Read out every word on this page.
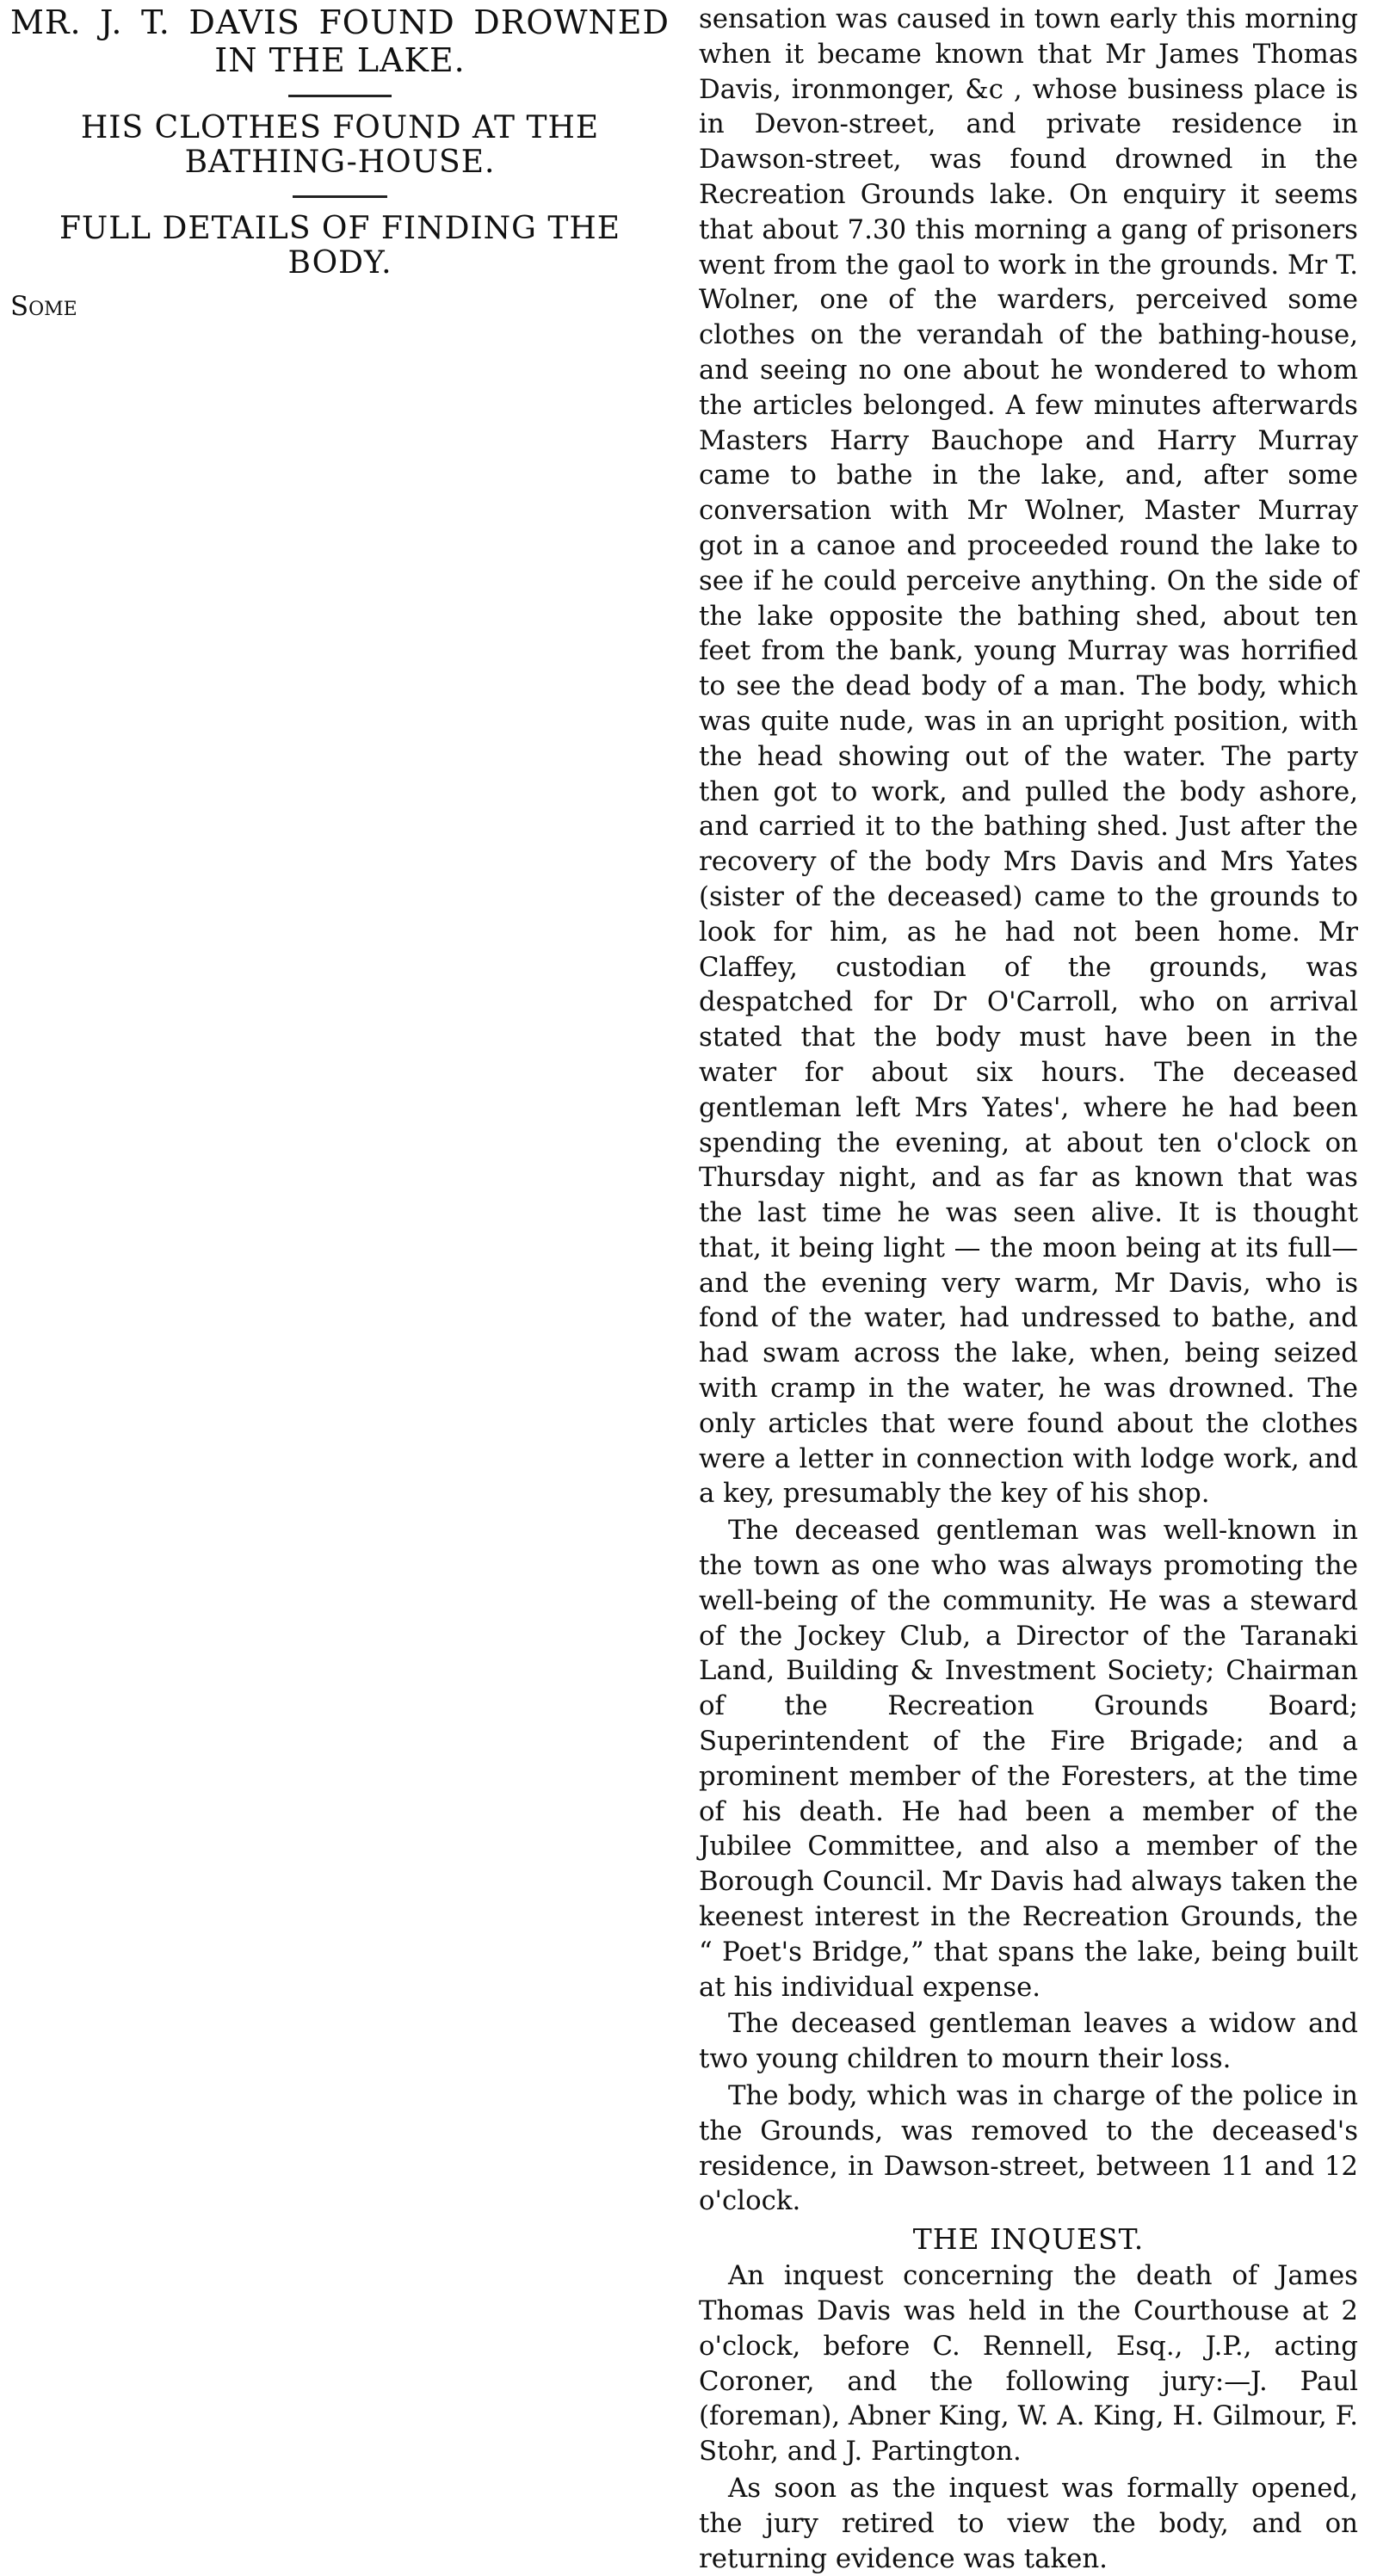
MR. J. T. DAVIS FOUND DROWNED IN THE LAKE.
HIS CLOTHES FOUND AT THE BATHING-HOUSE.
FULL DETAILS OF FINDING THE BODY.

Some

sensation was caused in town early this morning when it became known that Mr James Thomas Davis, ironmonger, &c , whose business place is in Devon-street, and private residence in Dawson-street, was found drowned in the Recreation Grounds lake. On enquiry it seems that about 7.30 this morning a gang of prisoners went from the gaol to work in the grounds. Mr T. Wolner, one of the warders, perceived some clothes on the verandah of the bathing-house, and seeing no one about he wondered to whom the articles belonged. A few minutes afterwards Masters Harry Bauchope and Harry Murray came to bathe in the lake, and, after some conversation with Mr Wolner, Master Murray got in a canoe and proceeded round the lake to see if he could perceive anything. On the side of the lake opposite the bathing shed, about ten feet from the bank, young Murray was horrified to see the dead body of a man. The body, which was quite nude, was in an upright position, with the head showing out of the water. The party then got to work, and pulled the body ashore, and carried it to the bathing shed. Just after the recovery of the body Mrs Davis and Mrs Yates (sister of the deceased) came to the grounds to look for him, as he had not been home. Mr Claffey, custodian of the grounds, was despatched for Dr O'Carroll, who on arrival stated that the body must have been in the water for about six hours. The deceased gentleman left Mrs Yates', where he had been spending the evening, at about ten o'clock on Thursday night, and as far as known that was the last time he was seen alive. It is thought that, it being light — the moon being at its full—and the evening very warm, Mr Davis, who is fond of the water, had undressed to bathe, and had swam across the lake, when, being seized with cramp in the water, he was drowned. The only articles that were found about the clothes were a letter in connection with lodge work, and a key, presumably the key of his shop.

The deceased gentleman was well-known in the town as one who was always promoting the well-being of the community. He was a steward of the Jockey Club, a Director of the Taranaki Land, Building & Investment Society; Chairman of the Recreation Grounds Board; Superintendent of the Fire Brigade; and a prominent member of the Foresters, at the time of his death. He had been a member of the Jubilee Committee, and also a member of the Borough Council. Mr Davis had always taken the keenest interest in the Recreation Grounds, the “ Poet's Bridge,” that spans the lake, being built at his individual expense.

The deceased gentleman leaves a widow and two young children to mourn their loss.

The body, which was in charge of the police in the Grounds, was removed to the deceased's residence, in Dawson-street, between 11 and 12 o'clock.

THE INQUEST.

An inquest concerning the death of James Thomas Davis was held in the Courthouse at 2 o'clock, before C. Rennell, Esq., J.P., acting Coroner, and the following jury:—J. Paul (foreman), Abner King, W. A. King, H. Gilmour, F. Stohr, and J. Partington.

As soon as the inquest was formally opened, the jury retired to view the body, and on returning evidence was taken.
